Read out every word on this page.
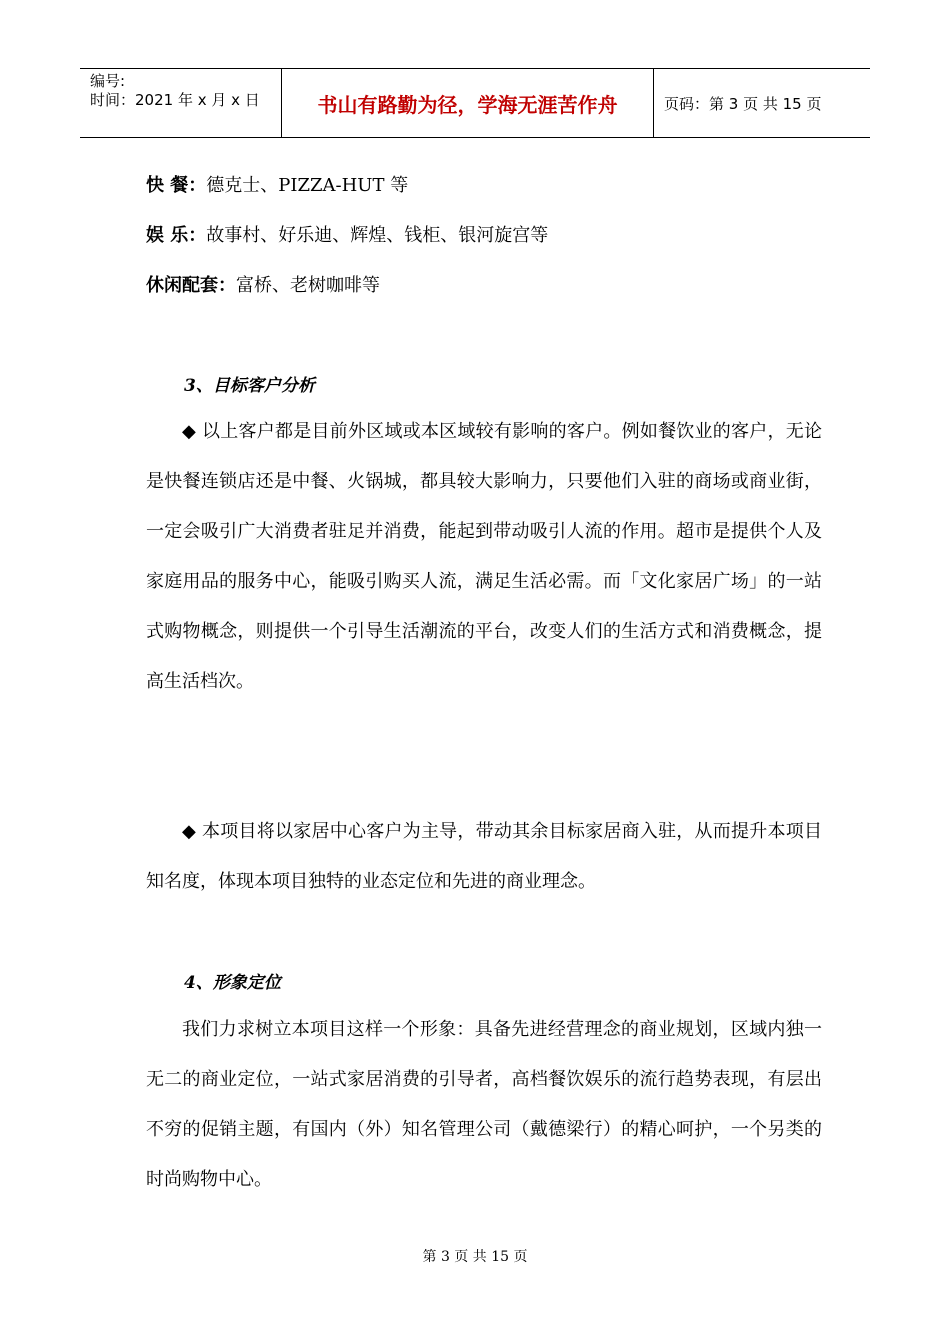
编号:
时间：2021 年 x 月 x 日	书山有路勤为径，学海无涯苦作舟	页码：第 3 页 共 15 页
快 餐：德克士、PIZZA-HUT 等
娱 乐：故事村、好乐迪、辉煌、钱柜、银河旋宫等
休闲配套：富桥、老树咖啡等
3、目标客户分析
◆ 以上客户都是目前外区域或本区域较有影响的客户。例如餐饮业的客户，无论是快餐连锁店还是中餐、火锅城，都具较大影响力，只要他们入驻的商场或商业街，一定会吸引广大消费者驻足并消费，能起到带动吸引人流的作用。超市是提供个人及家庭用品的服务中心，能吸引购买人流，满足生活必需。而「文化家居广场」的一站式购物概念，则提供一个引导生活潮流的平台，改变人们的生活方式和消费概念，提高生活档次。
◆ 本项目将以家居中心客户为主导，带动其余目标家居商入驻，从而提升本项目知名度，体现本项目独特的业态定位和先进的商业理念。
4、形象定位
我们力求树立本项目这样一个形象：具备先进经营理念的商业规划，区域内独一无二的商业定位，一站式家居消费的引导者，高档餐饮娱乐的流行趋势表现，有层出不穷的促销主题，有国内（外）知名管理公司（戴德梁行）的精心呵护，一个另类的时尚购物中心。
第 3 页 共 15 页
